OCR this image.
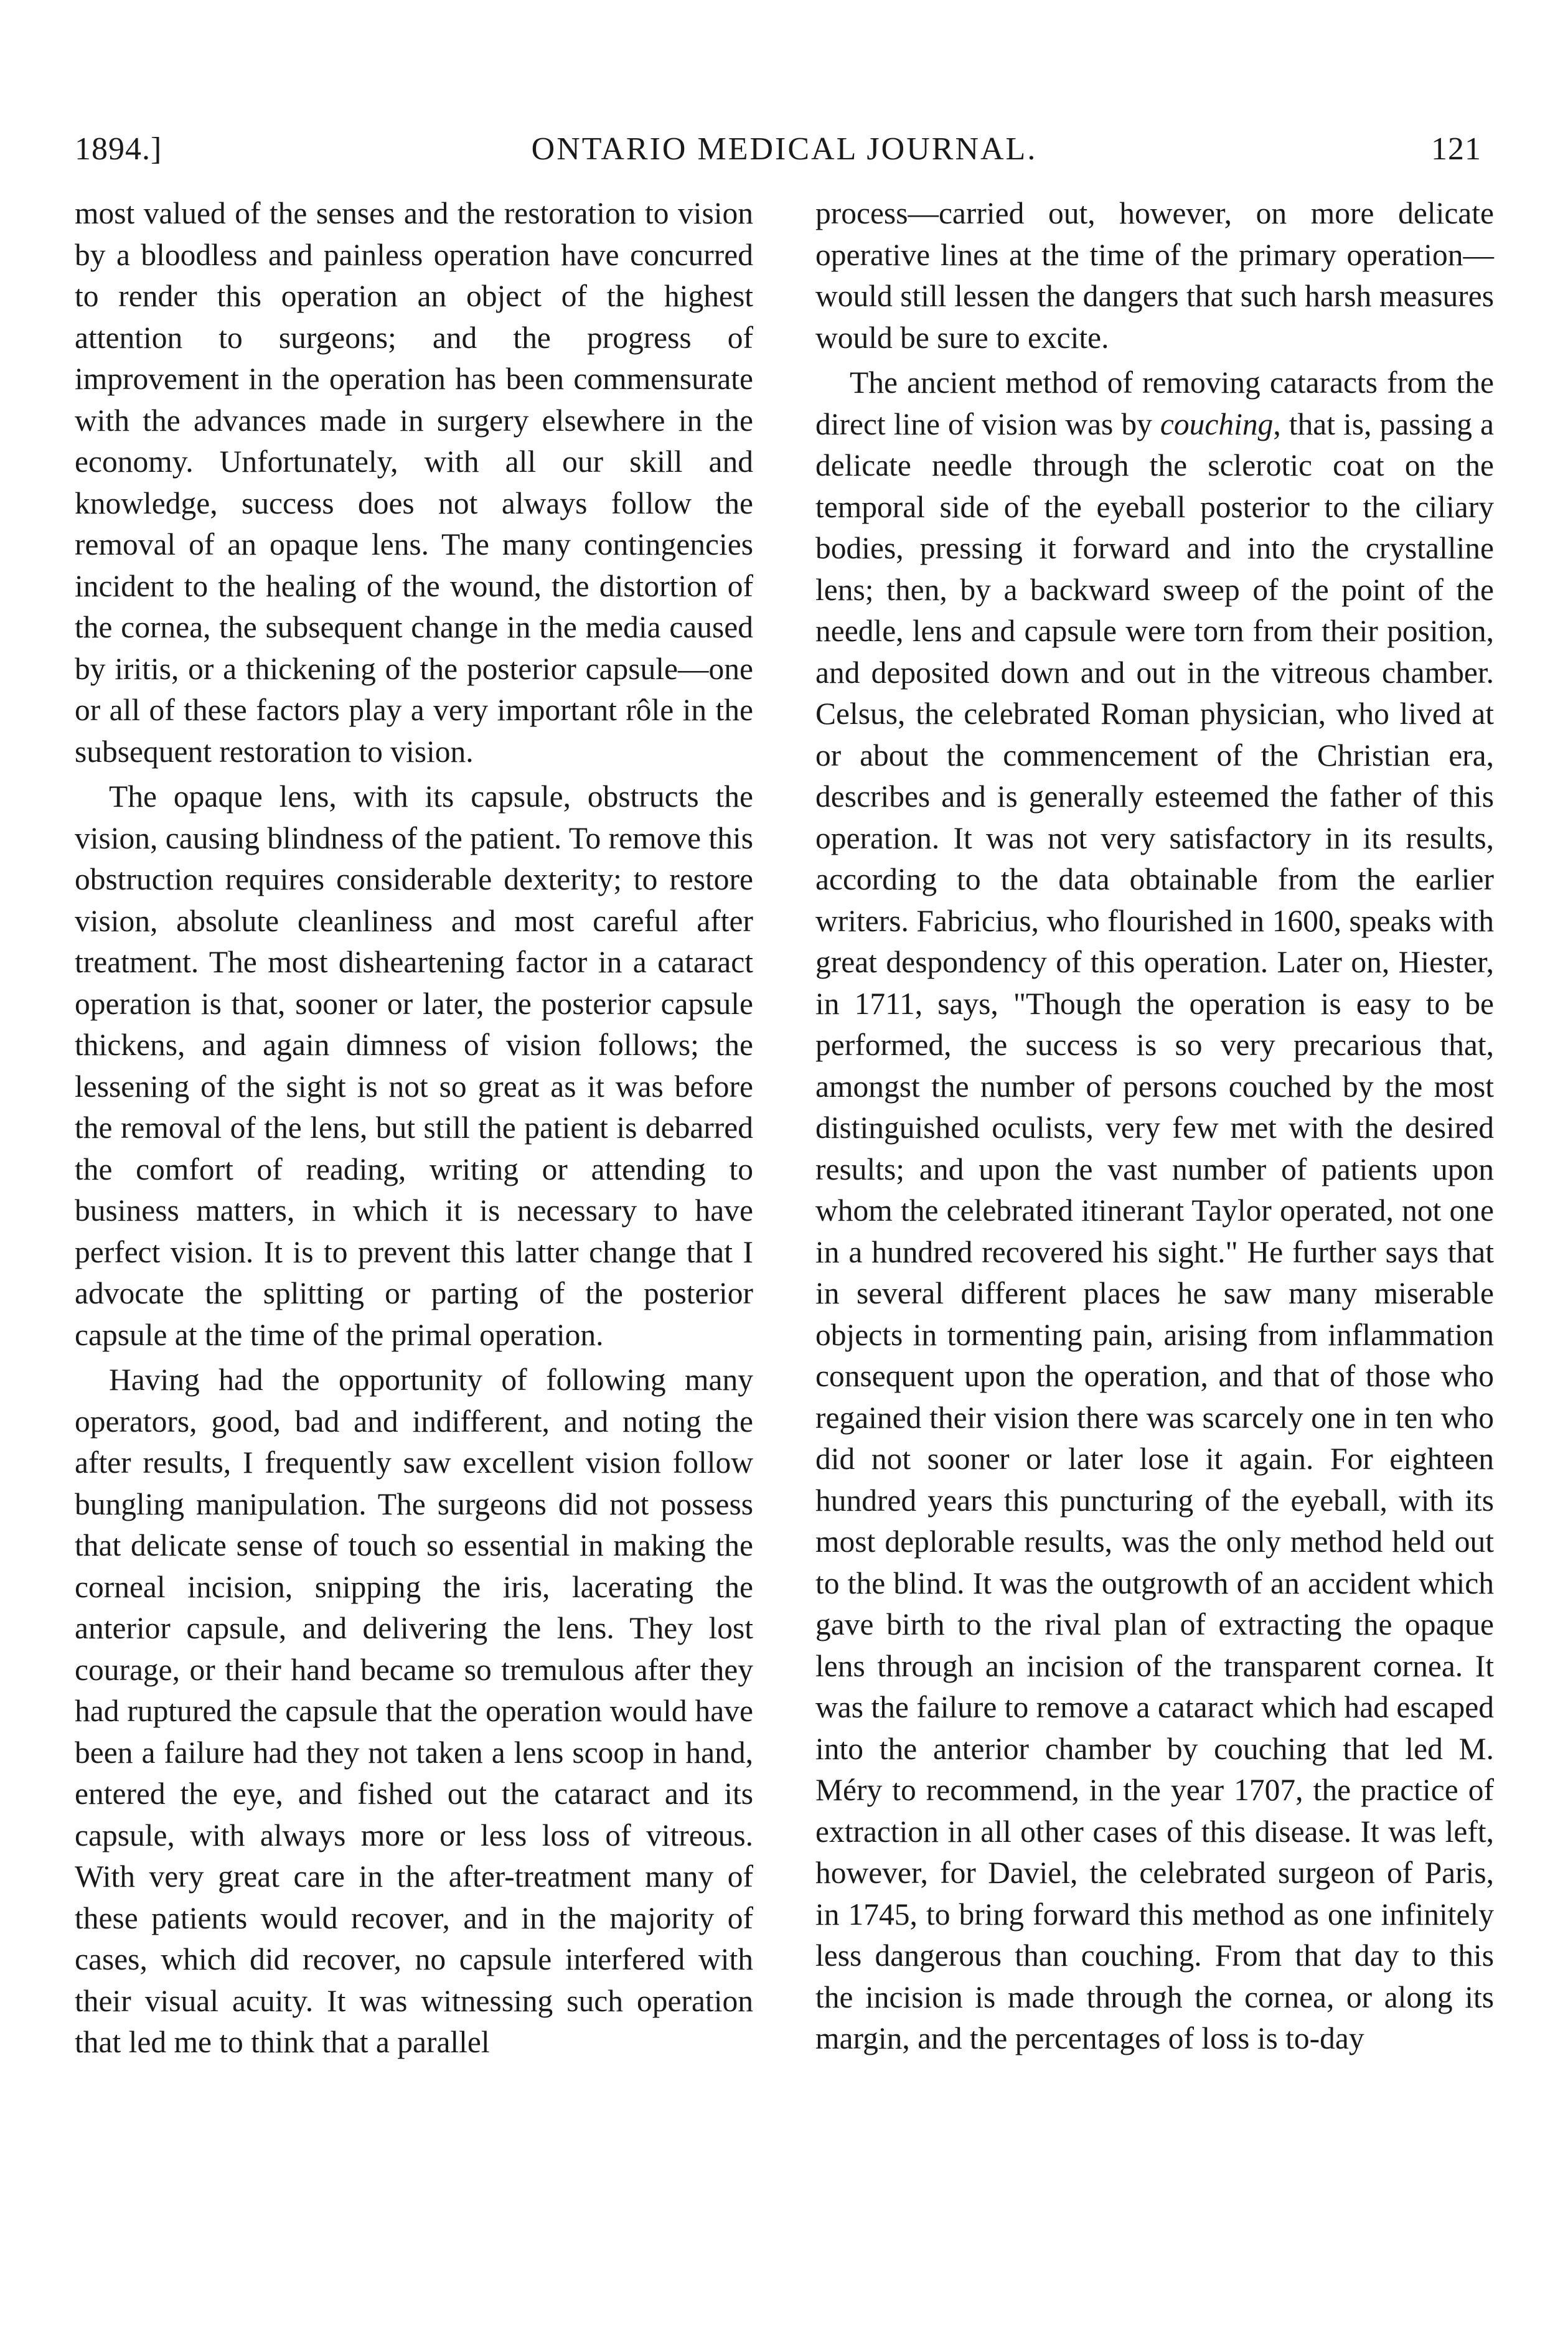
1894.]	ONTARIO MEDICAL JOURNAL.	121

most valued of the senses and the restoration to vision by a bloodless and painless operation have concurred to render this operation an object of the highest attention to surgeons; and the progress of improvement in the operation has been commensurate with the advances made in surgery elsewhere in the economy. Unfortunately, with all our skill and knowledge, success does not always follow the removal of an opaque lens. The many contingencies incident to the healing of the wound, the distortion of the cornea, the subsequent change in the media caused by iritis, or a thickening of the posterior capsule—one or all of these factors play a very important rôle in the subsequent restoration to vision.

The opaque lens, with its capsule, obstructs the vision, causing blindness of the patient. To remove this obstruction requires considerable dexterity; to restore vision, absolute cleanliness and most careful after treatment. The most disheartening factor in a cataract operation is that, sooner or later, the posterior capsule thickens, and again dimness of vision follows; the lessening of the sight is not so great as it was before the removal of the lens, but still the patient is debarred the comfort of reading, writing or attending to business matters, in which it is necessary to have perfect vision. It is to prevent this latter change that I advocate the splitting or parting of the posterior capsule at the time of the primal operation.

Having had the opportunity of following many operators, good, bad and indifferent, and noting the after results, I frequently saw excellent vision follow bungling manipulation. The surgeons did not possess that delicate sense of touch so essential in making the corneal incision, snipping the iris, lacerating the anterior capsule, and delivering the lens. They lost courage, or their hand became so tremulous after they had ruptured the capsule that the operation would have been a failure had they not taken a lens scoop in hand, entered the eye, and fished out the cataract and its capsule, with always more or less loss of vitreous. With very great care in the after-treatment many of these patients would recover, and in the majority of cases, which did recover, no capsule interfered with their visual acuity. It was witnessing such operation that led me to think that a parallel

process—carried out, however, on more delicate operative lines at the time of the primary operation—would still lessen the dangers that such harsh measures would be sure to excite.

The ancient method of removing cataracts from the direct line of vision was by couching, that is, passing a delicate needle through the sclerotic coat on the temporal side of the eyeball posterior to the ciliary bodies, pressing it forward and into the crystalline lens; then, by a backward sweep of the point of the needle, lens and capsule were torn from their position, and deposited down and out in the vitreous chamber. Celsus, the celebrated Roman physician, who lived at or about the commencement of the Christian era, describes and is generally esteemed the father of this operation. It was not very satisfactory in its results, according to the data obtainable from the earlier writers. Fabricius, who flourished in 1600, speaks with great despondency of this operation. Later on, Hiester, in 1711, says, "Though the operation is easy to be performed, the success is so very precarious that, amongst the number of persons couched by the most distinguished oculists, very few met with the desired results; and upon the vast number of patients upon whom the celebrated itinerant Taylor operated, not one in a hundred recovered his sight." He further says that in several different places he saw many miserable objects in tormenting pain, arising from inflammation consequent upon the operation, and that of those who regained their vision there was scarcely one in ten who did not sooner or later lose it again. For eighteen hundred years this puncturing of the eyeball, with its most deplorable results, was the only method held out to the blind. It was the outgrowth of an accident which gave birth to the rival plan of extracting the opaque lens through an incision of the transparent cornea. It was the failure to remove a cataract which had escaped into the anterior chamber by couching that led M. Méry to recommend, in the year 1707, the practice of extraction in all other cases of this disease. It was left, however, for Daviel, the celebrated surgeon of Paris, in 1745, to bring forward this method as one infinitely less dangerous than couching. From that day to this the incision is made through the cornea, or along its margin, and the percentages of loss is to-day
